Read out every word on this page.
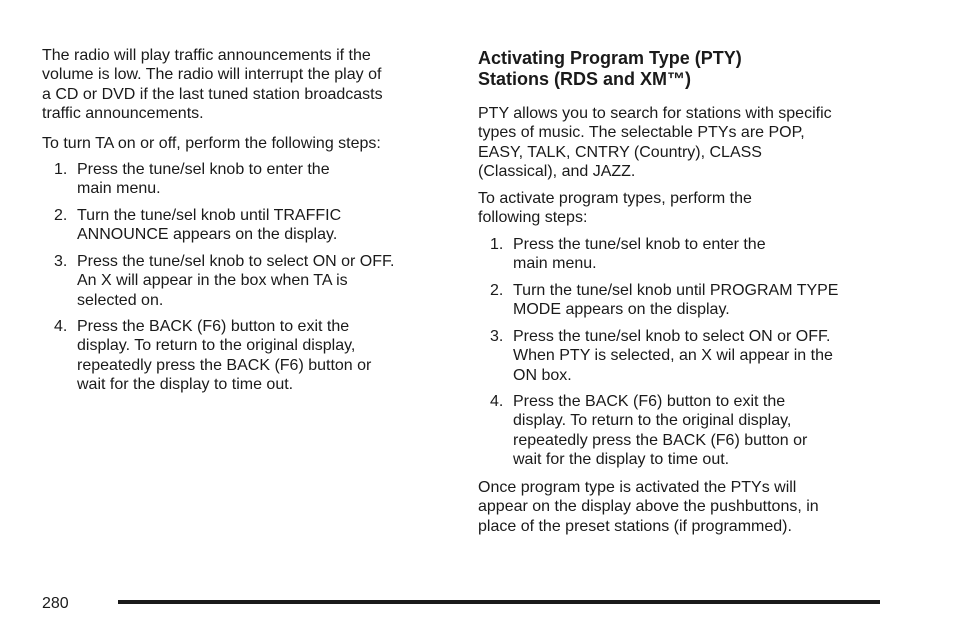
The radio will play traffic announcements if the
volume is low. The radio will interrupt the play of
a CD or DVD if the last tuned station broadcasts
traffic announcements.

To turn TA on or off, perform the following steps:

1. Press the tune/sel knob to enter the
main menu.
2. Turn the tune/sel knob until TRAFFIC
ANNOUNCE appears on the display.
3. Press the tune/sel knob to select ON or OFF.
An X will appear in the box when TA is
selected on.
4. Press the BACK (F6) button to exit the
display. To return to the original display,
repeatedly press the BACK (F6) button or
wait for the display to time out.

Activating Program Type (PTY)
Stations (RDS and XM™)

PTY allows you to search for stations with specific
types of music. The selectable PTYs are POP,
EASY, TALK, CNTRY (Country), CLASS
(Classical), and JAZZ.

To activate program types, perform the
following steps:

1. Press the tune/sel knob to enter the
main menu.
2. Turn the tune/sel knob until PROGRAM TYPE
MODE appears on the display.
3. Press the tune/sel knob to select ON or OFF.
When PTY is selected, an X wil appear in the
ON box.
4. Press the BACK (F6) button to exit the
display. To return to the original display,
repeatedly press the BACK (F6) button or
wait for the display to time out.

Once program type is activated the PTYs will
appear on the display above the pushbuttons, in
place of the preset stations (if programmed).

280
